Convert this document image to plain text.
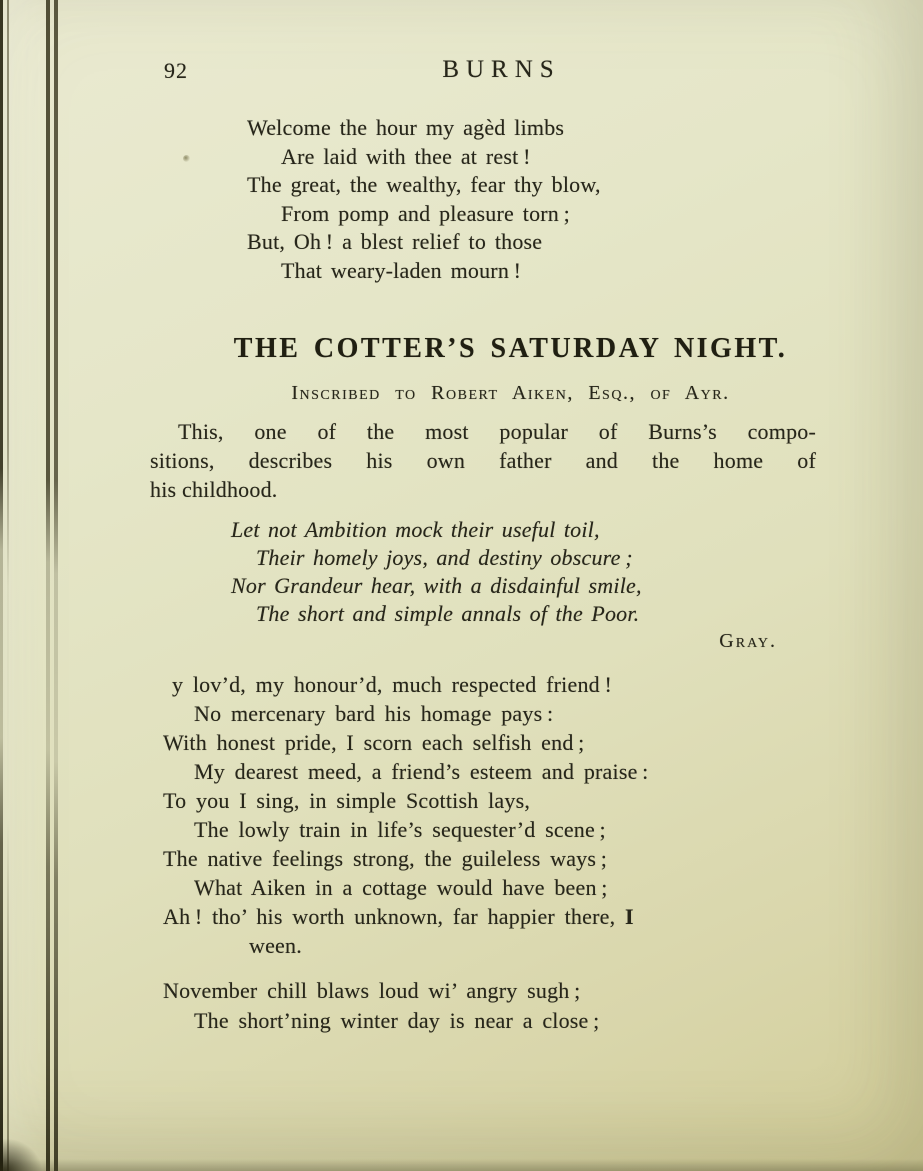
92	BURNS
Welcome the hour my agèd limbs
Are laid with thee at rest !
The great, the wealthy, fear thy blow,
From pomp and pleasure torn ;
But, Oh ! a blest relief to those
That weary-laden mourn !
THE COTTER’S SATURDAY NIGHT.
Inscribed to Robert Aiken, Esq., of Ayr.
This, one of the most popular of Burns’s compo-
sitions, describes his own father and the home of
his childhood.
Let not Ambition mock their useful toil,
Their homely joys, and destiny obscure ;
Nor Grandeur hear, with a disdainful smile,
The short and simple annals of the Poor.
Gray.
y lov’d, my honour’d, much respected friend !
No mercenary bard his homage pays :
With honest pride, I scorn each selfish end ;
My dearest meed, a friend’s esteem and praise :
To you I sing, in simple Scottish lays,
The lowly train in life’s sequester’d scene ;
The native feelings strong, the guileless ways ;
What Aiken in a cottage would have been ;
Ah ! tho’ his worth unknown, far happier there, I
ween.
November chill blaws loud wi’ angry sugh ;
The short’ning winter day is near a close ;
